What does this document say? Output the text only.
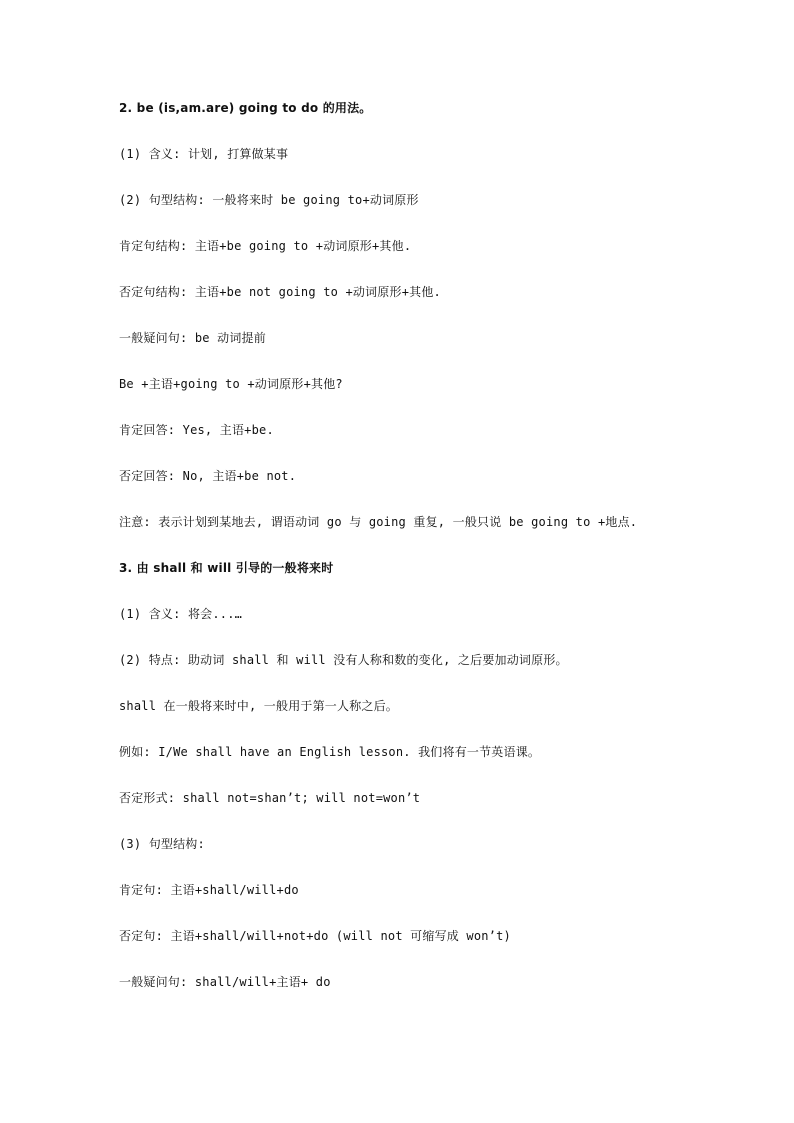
2. be (is,am.are) going to do 的用法。
(1) 含义: 计划, 打算做某事
(2) 句型结构: 一般将来时 be going to+动词原形
肯定句结构: 主语+be going to +动词原形+其他.
否定句结构: 主语+be not going to +动词原形+其他.
一般疑问句: be 动词提前
Be +主语+going to +动词原形+其他?
肯定回答: Yes, 主语+be.
否定回答: No, 主语+be not.
注意: 表示计划到某地去, 谓语动词 go 与 going 重复, 一般只说 be going to +地点.
3. 由 shall 和 will 引导的一般将来时
(1) 含义: 将会...…
(2) 特点: 助动词 shall 和 will 没有人称和数的变化, 之后要加动词原形。
shall 在一般将来时中, 一般用于第一人称之后。
例如: I/We shall have an English lesson. 我们将有一节英语课。
否定形式: shall not=shan’t; will not=won’t
(3) 句型结构:
肯定句: 主语+shall/will+do
否定句: 主语+shall/will+not+do (will not 可缩写成 won’t)
一般疑问句: shall/will+主语+ do
